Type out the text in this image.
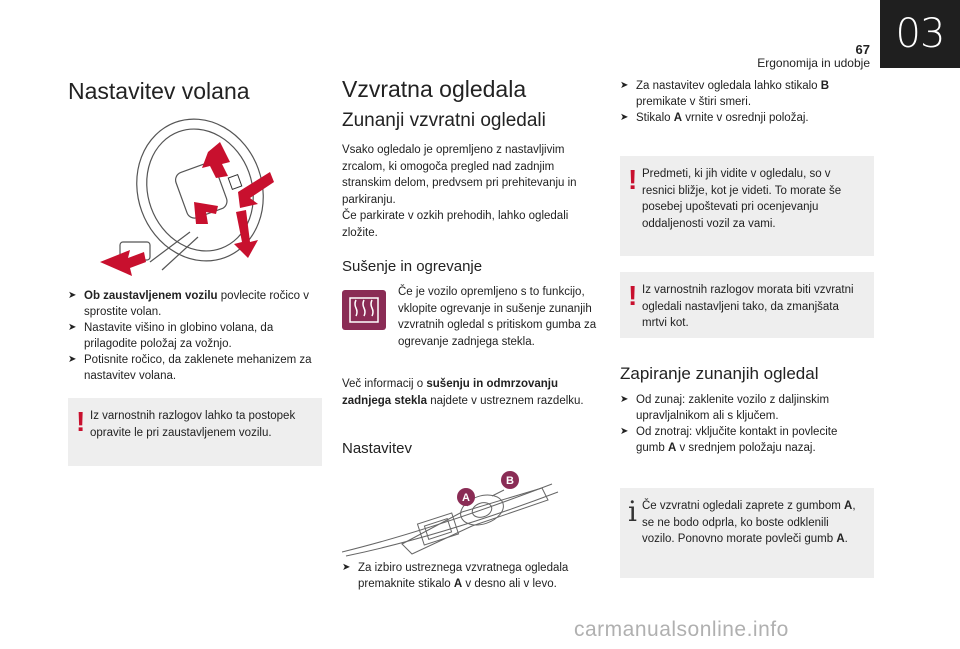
03
67
Ergonomija in udobje
Nastavitev volana
➤ Ob zaustavljenem vozilu povlecite ročico v sprostite volan.
➤ Nastavite višino in globino volana, da prilagodite položaj za vožnjo.
➤ Potisnite ročico, da zaklenete mehanizem za nastavitev volana.
! Iz varnostnih razlogov lahko ta postopek opravite le pri zaustavljenem vozilu.

Vzvratna ogledala
Zunanji vzvratni ogledali

Vsako ogledalo je opremljeno z nastavljivim zrcalom, ki omogoča pregled nad zadnjim stranskim delom, predvsem pri prehitevanju in parkiranju.

Če parkirate v ozkih prehodih, lahko ogledali zložite.

Sušenje in ogrevanje

Če je vozilo opremljeno s to funkcijo, vklopite ogrevanje in sušenje zunanjih vzvratnih ogledal s pritiskom gumba za ogrevanje zadnjega stekla.

Več informacij o sušenju in odmrzovanju zadnjega stekla najdete v ustreznem razdelku.

Nastavitev
A
B
➤ Za izbiro ustreznega vzvratnega ogledala premaknite stikalo A v desno ali v levo.
➤ Za nastavitev ogledala lahko stikalo B premikate v štiri smeri.
➤ Stikalo A vrnite v osrednji položaj.
! Predmeti, ki jih vidite v ogledalu, so v resnici bližje, kot je videti. To morate še posebej upoštevati pri ocenjevanju oddaljenosti vozil za vami.

! Iz varnostnih razlogov morata biti vzvratni ogledali nastavljeni tako, da zmanjšata mrtvi kot.

Zapiranje zunanjih ogledal
➤ Od zunaj: zaklenite vozilo z daljinskim upravljalnikom ali s ključem.
➤ Od znotraj: vključite kontakt in povlecite gumb A v srednjem položaju nazaj.
i Če vzvratni ogledali zaprete z gumbom A, se ne bodo odprla, ko boste odklenili vozilo. Ponovno morate povleči gumb A.

carmanualsonline.info
